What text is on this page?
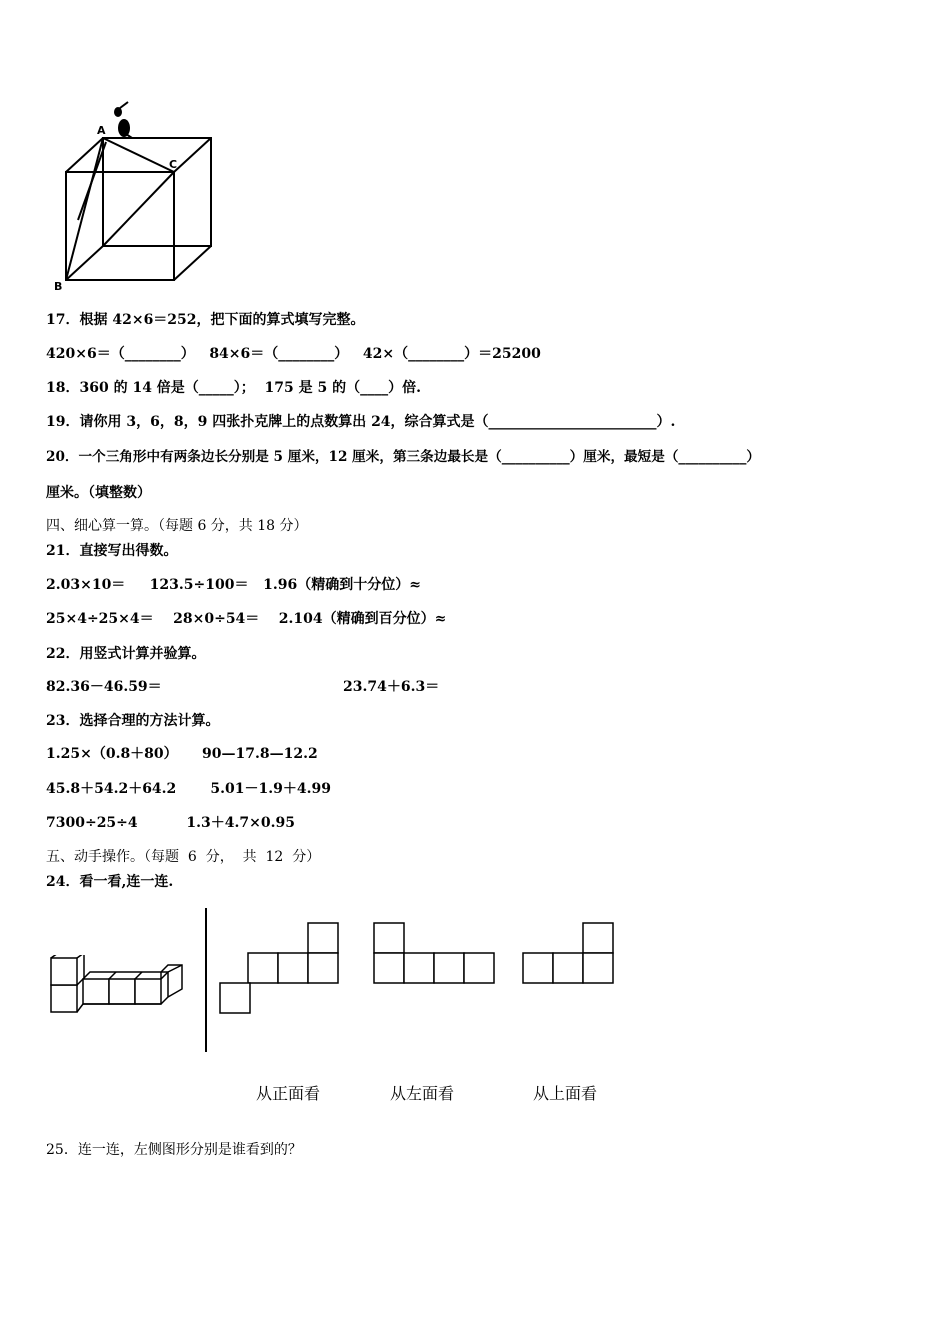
A
C
B
17．根据 42×6＝252，把下面的算式填写完整。
420×6＝（________）   84×6＝（________）   42×（________）＝25200
18．360 的 14 倍是（_____）；  175 是 5 的（____）倍.
19．请你用 3，6，8，9 四张扑克牌上的点数算出 24，综合算式是（________________________）.
20．一个三角形中有两条边长分别是 5 厘米，12 厘米，第三条边最长是（__________）厘米，最短是（__________）
厘米。（填整数）
四、细心算一算。（每题 6 分，共 18 分）
21．直接写出得数。
2.03×10＝     123.5÷100＝   1.96（精确到十分位）≈
25×4÷25×4＝    28×0÷54＝    2.104（精确到百分位）≈
22．用竖式计算并验算。
82.36－46.59＝	23.74＋6.3＝
23．选择合理的方法计算。
1.25×（0.8＋80）     90—17.8—12.2
45.8＋54.2＋64.2       5.01－1.9＋4.99
7300÷25÷4          1.3＋4.7×0.95
五、动手操作。（每题  6  分，  共  12  分）
24．看一看,连一连.
从正面看	从左面看	从上面看
25．连一连，左侧图形分别是谁看到的？
